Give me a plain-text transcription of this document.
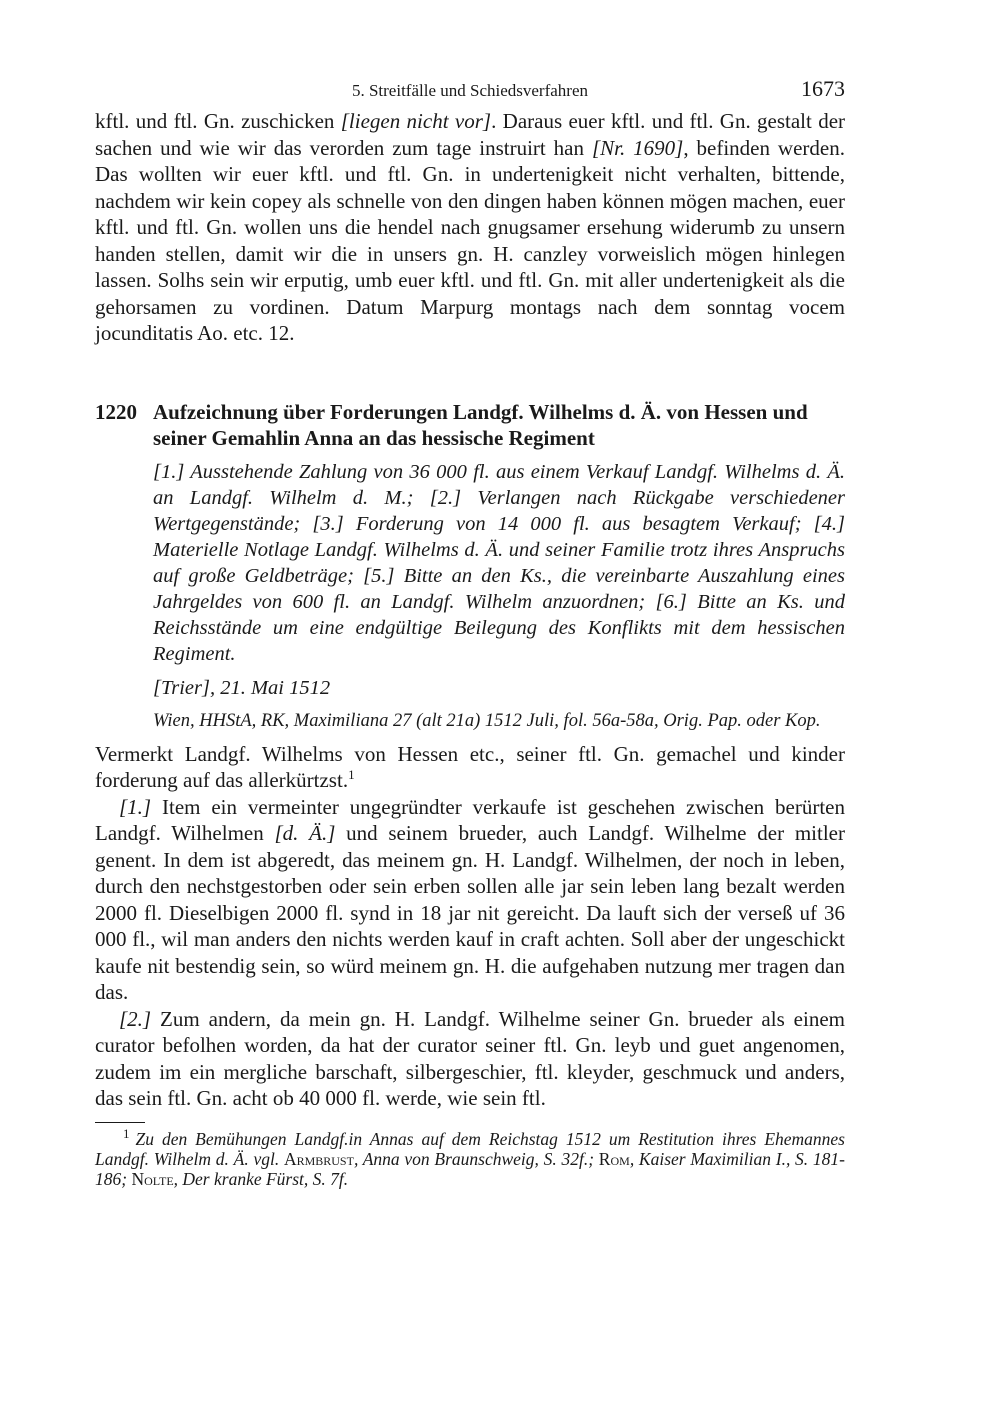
5. Streitfälle und Schiedsverfahren	1673

kftl. und ftl. Gn. zuschicken [liegen nicht vor]. Daraus euer kftl. und ftl. Gn. gestalt der sachen und wie wir das verorden zum tage instruirt han [Nr. 1690], befinden werden. Das wollten wir euer kftl. und ftl. Gn. in undertenigkeit nicht verhalten, bittende, nachdem wir kein copey als schnelle von den dingen haben können mögen machen, euer kftl. und ftl. Gn. wollen uns die hendel nach gnugsamer ersehung widerumb zu unsern handen stellen, damit wir die in unsers gn. H. canzley vorweislich mögen hinlegen lassen. Solhs sein wir erputig, umb euer kftl. und ftl. Gn. mit aller undertenigkeit als die gehorsamen zu vordinen. Datum Marpurg montags nach dem sonntag vocem jocunditatis Ao. etc. 12.

1220 Aufzeichnung über Forderungen Landgf. Wilhelms d. Ä. von Hessen und seiner Gemahlin Anna an das hessische Regiment

[1.] Ausstehende Zahlung von 36 000 fl. aus einem Verkauf Landgf. Wilhelms d. Ä. an Landgf. Wilhelm d. M.; [2.] Verlangen nach Rückgabe verschiedener Wertgegenstände; [3.] Forderung von 14 000 fl. aus besagtem Verkauf; [4.] Materielle Notlage Landgf. Wilhelms d. Ä. und seiner Familie trotz ihres Anspruchs auf große Geldbeträge; [5.] Bitte an den Ks., die vereinbarte Auszahlung eines Jahrgeldes von 600 fl. an Landgf. Wilhelm anzuordnen; [6.] Bitte an Ks. und Reichsstände um eine endgültige Beilegung des Konflikts mit dem hessischen Regiment.

[Trier], 21. Mai 1512

Wien, HHStA, RK, Maximiliana 27 (alt 21a) 1512 Juli, fol. 56a-58a, Orig. Pap. oder Kop.

Vermerkt Landgf. Wilhelms von Hessen etc., seiner ftl. Gn. gemachel und kinder forderung auf das allerkürtzst.$^1$

[1.] Item ein vermeinter ungegründter verkaufe ist geschehen zwischen berürten Landgf. Wilhelmen [d. Ä.] und seinem brueder, auch Landgf. Wilhelme der mitler genent. In dem ist abgeredt, das meinem gn. H. Landgf. Wilhelmen, der noch in leben, durch den nechstgestorben oder sein erben sollen alle jar sein leben lang bezalt werden 2000 fl. Dieselbigen 2000 fl. synd in 18 jar nit gereicht. Da lauft sich der verseß uf 36 000 fl., wil man anders den nichts werden kauf in craft achten. Soll aber der ungeschickt kaufe nit bestendig sein, so würd meinem gn. H. die aufgehaben nutzung mer tragen dan das.

[2.] Zum andern, da mein gn. H. Landgf. Wilhelme seiner Gn. brueder als einem curator befolhen worden, da hat der curator seiner ftl. Gn. leyb und guet angenomen, zudem im ein mergliche barschaft, silbergeschier, ftl. kleyder, geschmuck und anders, das sein ftl. Gn. acht ob 40 000 fl. werde, wie sein ftl.

$^1$ Zu den Bemühungen Landgf.in Annas auf dem Reichstag 1512 um Restitution ihres Ehemannes Landgf. Wilhelm d. Ä. vgl. Armbrust, Anna von Braunschweig, S. 32f.; Rom, Kaiser Maximilian I., S. 181-186; Nolte, Der kranke Fürst, S. 7f.
